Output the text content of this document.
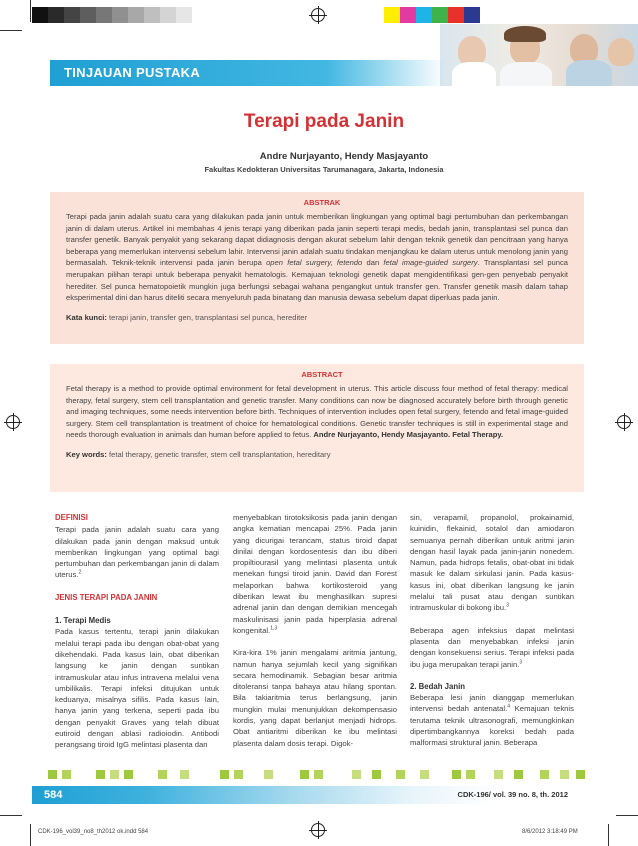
TINJAUAN PUSTAKA
Terapi pada Janin
Andre Nurjayanto, Hendy Masjayanto
Fakultas Kedokteran Universitas Tarumanagara, Jakarta, Indonesia
ABSTRAK

Terapi pada janin adalah suatu cara yang dilakukan pada janin untuk memberikan lingkungan yang optimal bagi pertumbuhan dan perkembangan janin di dalam uterus. Artikel ini membahas 4 jenis terapi yang diberikan pada janin seperti terapi medis, bedah janin, transplantasi sel punca dan transfer genetik. Banyak penyakit yang sekarang dapat didiagnosis dengan akurat sebelum lahir dengan teknik genetik dan pencitraan yang hanya beberapa yang memerlukan intervensi sebelum lahir. Intervensi janin adalah suatu tindakan menjangkau ke dalam uterus untuk menolong janin yang bermasalah. Teknik-teknik intervensi pada janin berupa open fetal surgery, fetendo dan fetal image-guided surgery. Transplantasi sel punca merupakan pilihan terapi untuk beberapa penyakit hematologis. Kemajuan teknologi genetik dapat mengidentifikasi gen-gen penyebab penyakit herediter. Sel punca hematopoietik mungkin juga berfungsi sebagai wahana pengangkut untuk transfer gen. Transfer genetik masih dalam tahap eksperimental dini dan harus diteliti secara menyeluruh pada binatang dan manusia dewasa sebelum dapat diperluas pada janin.

Kata kunci: terapi janin, transfer gen, transplantasi sel punca, herediter

ABSTRACT

Fetal therapy is a method to provide optimal environment for fetal development in uterus. This article discuss four method of fetal therapy: medical therapy, fetal surgery, stem cell transplantation and genetic transfer. Many conditions can now be diagnosed accurately before birth through genetic and imaging techniques, some needs intervention before birth. Techniques of intervention includes open fetal surgery, fetendo and fetal image-guided surgery. Stem cell transplantation is treatment of choice for hematological conditions. Genetic transfer techniques is still in experimental stage and needs thorough evaluation in animals dan human before applied to fetus. Andre Nurjayanto, Hendy Masjayanto. Fetal Therapy.

Key words: fetal therapy, genetic transfer, stem cell transplantation, hereditary

DEFINISI

Terapi pada janin adalah suatu cara yang dilakukan pada janin dengan maksud untuk memberikan lingkungan yang optimal bagi pertumbuhan dan perkembangan janin di dalam uterus.$^2$

JENIS TERAPI PADA JANIN
1. Terapi Medis

Pada kasus tertentu, terapi janin dilakukan melalui terapi pada ibu dengan obat-obat yang dikehendaki. Pada kasus lain, obat diberikan langsung ke janin dengan suntikan intramuskular atau infus intravena melalui vena umbilikalis. Terapi infeksi ditujukan untuk keduanya, misalnya sifilis. Pada kasus lain, hanya janin yang terkena, seperti pada ibu dengan penyakit Graves yang telah dibuat eutiroid dengan ablasi radioiodin. Antibodi perangsang tiroid IgG melintasi plasenta dan

menyebabkan tirotoksikosis pada janin dengan angka kematian mencapai 25%. Pada janin yang dicurigai terancam, status tiroid dapat dinilai dengan kordosentesis dan ibu diberi propiltiourasil yang melintasi plasenta untuk menekan fungsi tiroid janin. David dan Forest melaporkan bahwa kortikosteroid yang diberikan lewat ibu menghasilkan supresi adrenal janin dan dengan demikian mencegah maskulinisasi janin pada hiperplasia adrenal kongenital.$^{1,3}$

Kira-kira 1% janin mengalami aritmia jantung, namun hanya sejumlah kecil yang signifikan secara hemodinamik. Sebagian besar aritmia ditoleransi tanpa bahaya atau hilang spontan. Bila takiaritmia terus berlangsung, janin mungkin mulai menunjukkan dekompensasio kordis, yang dapat berlanjut menjadi hidrops. Obat antiaritmi diberikan ke ibu melintasi plasenta dalam dosis terapi. Digok-

sin, verapamil, propanolol, prokainamid, kuinidin, flekainid, sotalol dan amiodaron semuanya pernah diberikan untuk aritmi janin dengan hasil layak pada janin-janin nonedem. Namun, pada hidrops fetalis, obat-obat ini tidak masuk ke dalam sirkulasi janin. Pada kasus-kasus ini, obat diberikan langsung ke janin melalui tali pusat atau dengan suntikan intramuskular di bokong ibu.$^3$

Beberapa agen infeksius dapat melintasi plasenta dan menyebabkan infeksi janin dengan konsekuensi serius. Terapi infeksi pada ibu juga merupakan terapi janin.$^3$

2. Bedah Janin

Beberapa lesi janin dianggap memerlukan intervensi bedah antenatal.$^4$ Kemajuan teknis terutama teknik ultrasonografi, memungkinkan dipertimbangkannya koreksi bedah pada malformasi struktural janin. Beberapa

584	CDK-196/ vol. 39 no. 8, th. 2012
CDK-196_vol39_no8_th2012 ok.indd 584	8/6/2012 3:18:49 PM
